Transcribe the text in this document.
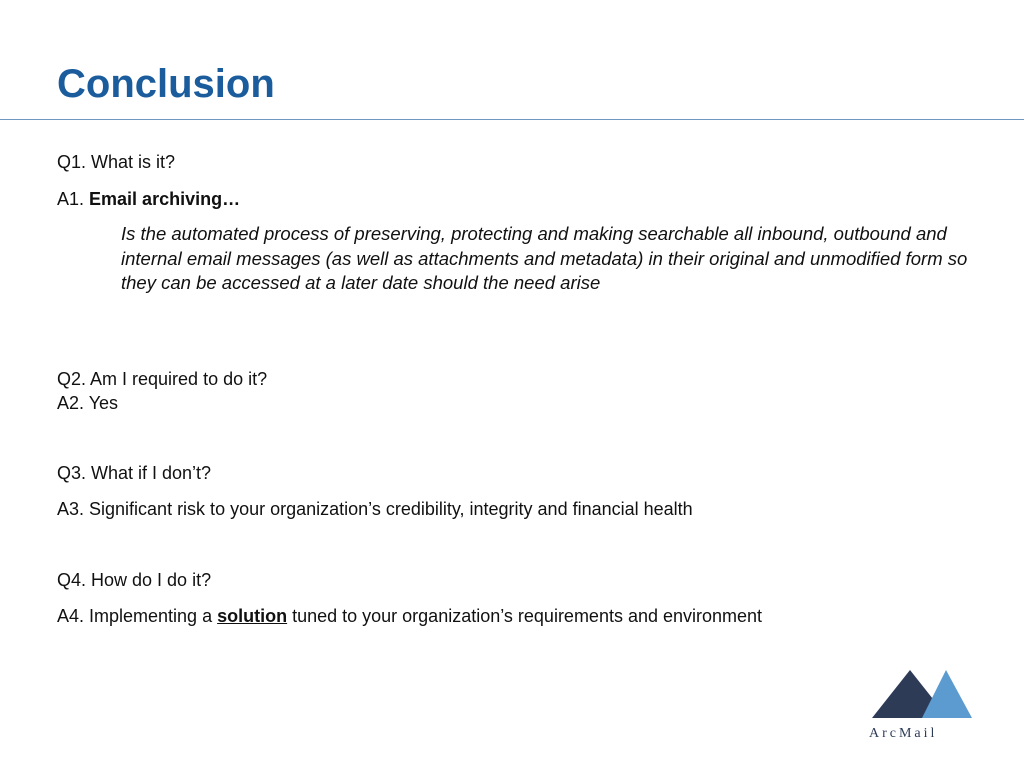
Conclusion
Q1. What is it?
A1. Email archiving…
Is the automated process of preserving, protecting and making searchable all inbound, outbound and internal email messages (as well as attachments and metadata) in their original and unmodified form so they can be accessed at a later date should the need arise
Q2. Am I required to do it?
A2. Yes
Q3. What if I don’t?
A3. Significant risk to your organization’s credibility, integrity and financial health
Q4. How do I do it?
A4. Implementing a solution tuned to your organization’s requirements and environment
ArcMail
